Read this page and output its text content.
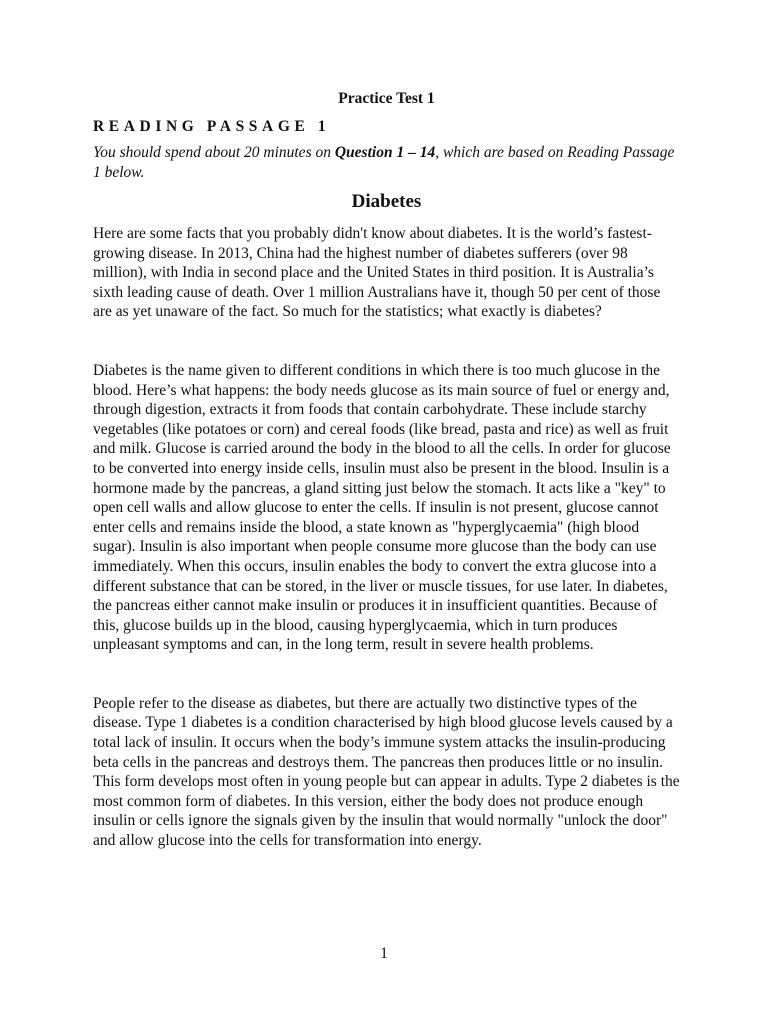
Practice Test 1
READING PASSAGE 1
You should spend about 20 minutes on Question 1 – 14, which are based on Reading Passage 1 below.
Diabetes

Here are some facts that you probably didn't know about diabetes. It is the world’s fastest-growing disease. In 2013, China had the highest number of diabetes sufferers (over 98 million), with India in second place and the United States in third position. It is Australia’s sixth leading cause of death. Over 1 million Australians have it, though 50 per cent of those are as yet unaware of the fact. So much for the statistics; what exactly is diabetes?

Diabetes is the name given to different conditions in which there is too much glucose in the blood. Here’s what happens: the body needs glucose as its main source of fuel or energy and, through digestion, extracts it from foods that contain carbohydrate. These include starchy vegetables (like potatoes or corn) and cereal foods (like bread, pasta and rice) as well as fruit and milk. Glucose is carried around the body in the blood to all the cells. In order for glucose to be converted into energy inside cells, insulin must also be present in the blood. Insulin is a hormone made by the pancreas, a gland sitting just below the stomach. It acts like a "key" to open cell walls and allow glucose to enter the cells. If insulin is not present, glucose cannot enter cells and remains inside the blood, a state known as "hyperglycaemia" (high blood sugar). Insulin is also important when people consume more glucose than the body can use immediately. When this occurs, insulin enables the body to convert the extra glucose into a different substance that can be stored, in the liver or muscle tissues, for use later. In diabetes, the pancreas either cannot make insulin or produces it in insufficient quantities. Because of this, glucose builds up in the blood, causing hyperglycaemia, which in turn produces unpleasant symptoms and can, in the long term, result in severe health problems.

People refer to the disease as diabetes, but there are actually two distinctive types of the disease. Type 1 diabetes is a condition characterised by high blood glucose levels caused by a total lack of insulin. It occurs when the body’s immune system attacks the insulin-producing beta cells in the pancreas and destroys them. The pancreas then produces little or no insulin. This form develops most often in young people but can appear in adults. Type 2 diabetes is the most common form of diabetes. In this version, either the body does not produce enough insulin or cells ignore the signals given by the insulin that would normally "unlock the door" and allow glucose into the cells for transformation into energy.

1
